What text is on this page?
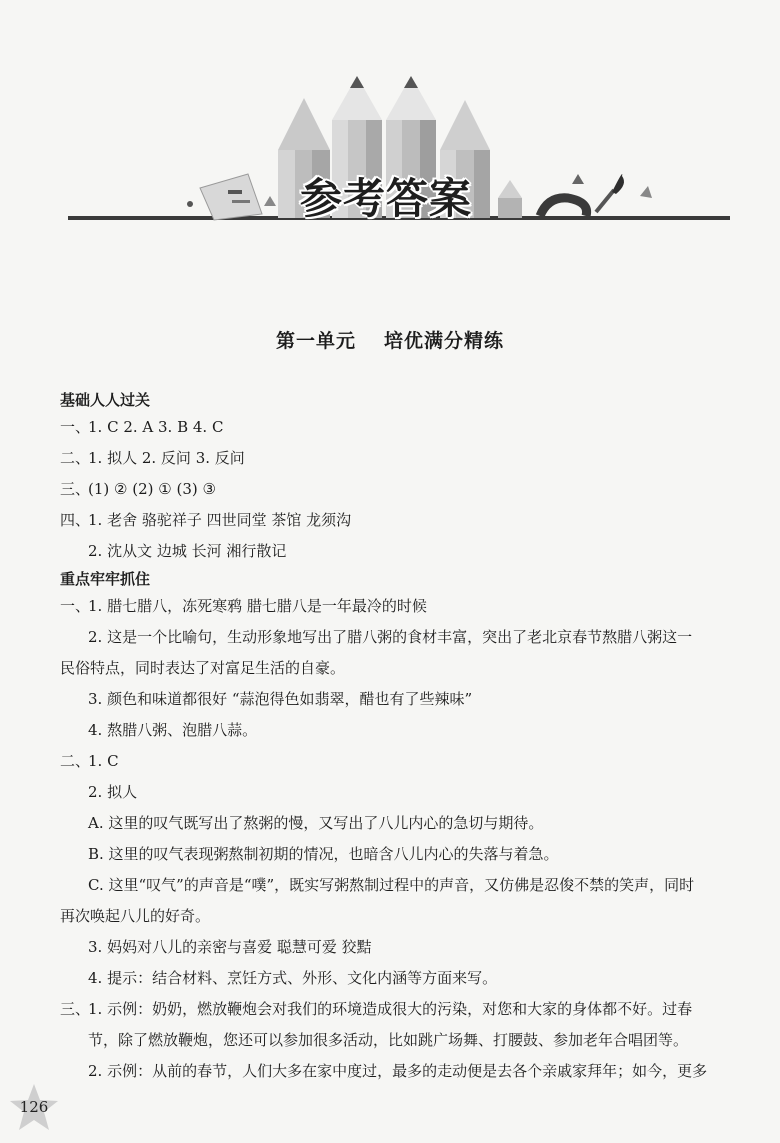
参考答案
第一单元 培优满分精练
基础人人过关
一、1. C 2. A 3. B 4. C
二、1. 拟人 2. 反问 3. 反问
三、(1) ② (2) ① (3) ③
四、1. 老舍 骆驼祥子 四世同堂 茶馆 龙须沟
2. 沈从文 边城 长河 湘行散记
重点牢牢抓住
一、1. 腊七腊八，冻死寒鸦 腊七腊八是一年最冷的时候
2. 这是一个比喻句，生动形象地写出了腊八粥的食材丰富，突出了老北京春节熬腊八粥这一
民俗特点，同时表达了对富足生活的自豪。
3. 颜色和味道都很好 “蒜泡得色如翡翠，醋也有了些辣味”
4. 熬腊八粥、泡腊八蒜。
二、1. C
2. 拟人
A. 这里的叹气既写出了熬粥的慢，又写出了八儿内心的急切与期待。
B. 这里的叹气表现粥熬制初期的情况，也暗含八儿内心的失落与着急。
C. 这里“叹气”的声音是“噗”，既实写粥熬制过程中的声音，又仿佛是忍俊不禁的笑声，同时
再次唤起八儿的好奇。
3. 妈妈对八儿的亲密与喜爱 聪慧可爱 狡黠
4. 提示：结合材料、烹饪方式、外形、文化内涵等方面来写。
三、1. 示例：奶奶，燃放鞭炮会对我们的环境造成很大的污染，对您和大家的身体都不好。过春
节，除了燃放鞭炮，您还可以参加很多活动，比如跳广场舞、打腰鼓、参加老年合唱团等。
2. 示例：从前的春节，人们大多在家中度过，最多的走动便是去各个亲戚家拜年；如今，更多
126
